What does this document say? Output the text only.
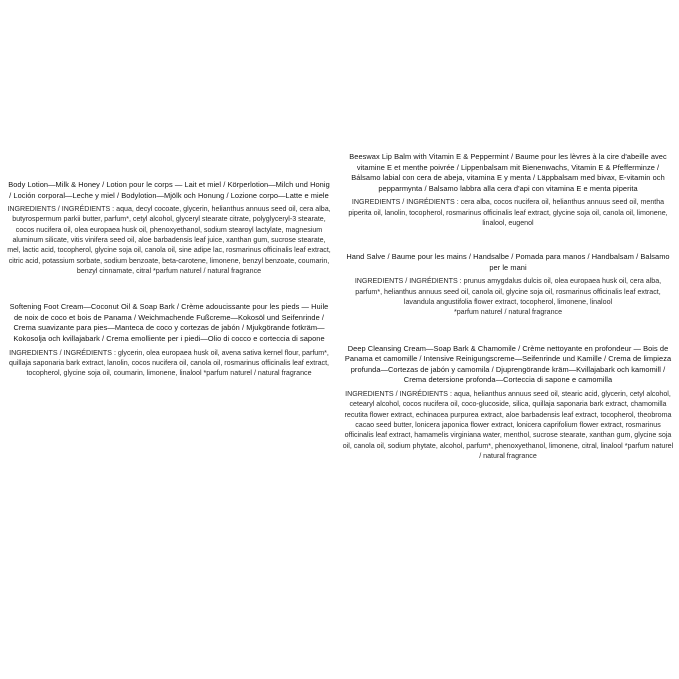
Body Lotion—Milk & Honey / Lotion pour le corps — Lait et miel / Körperlotion—Milch und Honig / Loción corporal—Leche y miel / Bodylotion—Mjölk och Honung / Lozione corpo—Latte e miele

INGREDIENTS / INGRÉDIENTS : aqua, decyl cocoate, glycerin, helianthus annuus seed oil, cera alba, butyrospermum parkii butter, parfum*, cetyl alcohol, glyceryl stearate citrate, polyglyceryl-3 stearate, cocos nucifera oil, olea europaea husk oil, phenoxyethanol, sodium stearoyl lactylate, magnesium aluminum silicate, vitis vinifera seed oil, aloe barbadensis leaf juice, xanthan gum, sucrose stearate, mel, lactic acid, tocopherol, glycine soja oil, canola oil, sine adipe lac, rosmarinus officinalis leaf extract, citric acid, potassium sorbate, sodium benzoate, beta-carotene, limonene, benzyl benzoate, coumarin, benzyl cinnamate, citral *parfum naturel / natural fragrance

Softening Foot Cream—Coconut Oil & Soap Bark / Crème adoucissante pour les pieds — Huile de noix de coco et bois de Panama / Weichmachende Fußcreme—Kokosöl und Seifenrinde / Crema suavizante para pies—Manteca de coco y cortezas de jabón / Mjukgörande fotkräm—Kokosolja och kvillajabark / Crema emolliente per i piedi—Olio di cocco e corteccia di sapone

INGREDIENTS / INGRÉDIENTS : glycerin, olea europaea husk oil, avena sativa kernel flour, parfum*, quillaja saponaria bark extract, lanolin, cocos nucifera oil, canola oil, rosmarinus officinalis leaf extract, tocopherol, glycine soja oil, coumarin, limonene, linalool *parfum naturel / natural fragrance

Beeswax Lip Balm with Vitamin E & Peppermint / Baume pour les lèvres à la cire d'abeille avec vitamine E et menthe poivrée / Lippenbalsam mit Bienenwachs, Vitamin E & Pfefferminze / Bálsamo labial con cera de abeja, vitamina E y menta / Läppbalsam med bivax, E-vitamin och pepparmynta / Balsamo labbra alla cera d'api con vitamina E e menta piperita

INGREDIENTS / INGRÉDIENTS : cera alba, cocos nucifera oil, helianthus annuus seed oil, mentha piperita oil, lanolin, tocopherol, rosmarinus officinalis leaf extract, glycine soja oil, canola oil, limonene, linalool, eugenol

Hand Salve / Baume pour les mains / Handsalbe / Pomada para manos / Handbalsam / Balsamo per le mani

INGREDIENTS / INGRÉDIENTS : prunus amygdalus dulcis oil, olea europaea husk oil, cera alba, parfum*, helianthus annuus seed oil, canola oil, glycine soja oil, rosmarinus officinalis leaf extract, lavandula angustifolia flower extract, tocopherol, limonene, linalool

*parfum naturel / natural fragrance

Deep Cleansing Cream—Soap Bark & Chamomile / Crème nettoyante en profondeur — Bois de Panama et camomille / Intensive Reinigungscreme—Seifenrinde und Kamille / Crema de limpieza profunda—Cortezas de jabón y camomila / Djuprengörande kräm—Kvillajabark och kamomill / Crema detersione profonda—Corteccia di sapone e camomilla

INGREDIENTS / INGRÉDIENTS : aqua, helianthus annuus seed oil, stearic acid, glycerin, cetyl alcohol, cetearyl alcohol, cocos nucifera oil, coco-glucoside, silica, quillaja saponaria bark extract, chamomilla recutita flower extract, echinacea purpurea extract, aloe barbadensis leaf extract, tocopherol, theobroma cacao seed butter, lonicera japonica flower extract, lonicera caprifolium flower extract, rosmarinus officinalis leaf extract, hamamelis virginiana water, menthol, sucrose stearate, xanthan gum, glycine soja oil, canola oil, sodium phytate, alcohol, parfum*, phenoxyethanol, limonene, citral, linalool *parfum naturel / natural fragrance
